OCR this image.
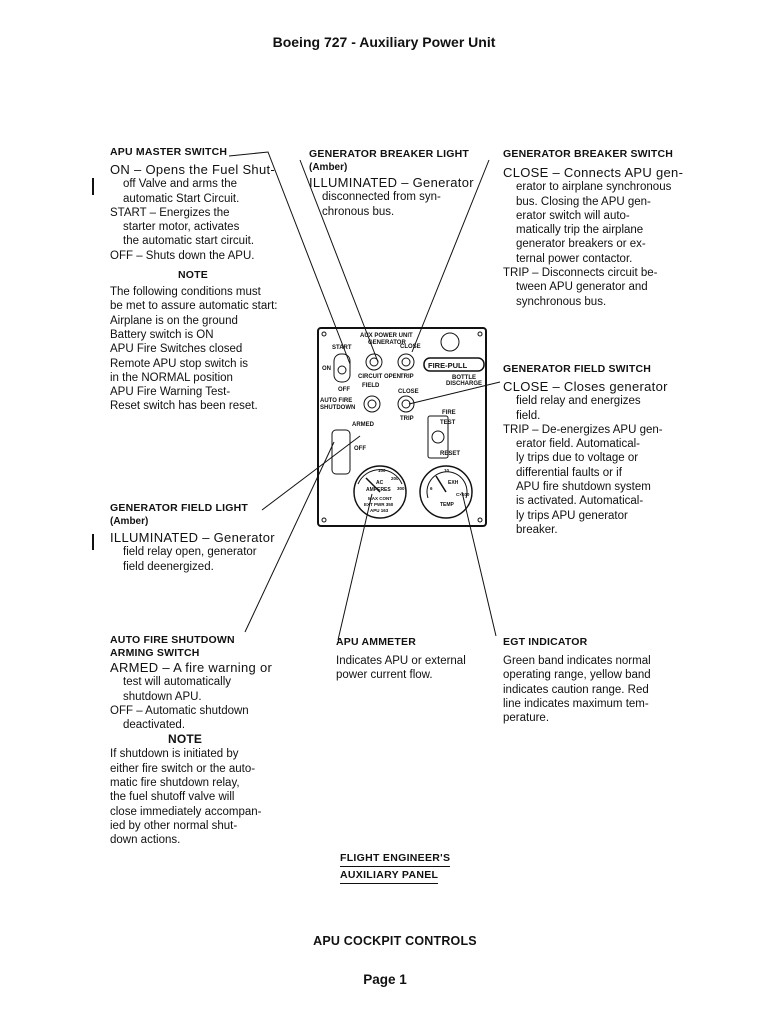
Boeing 727 - Auxiliary Power Unit
APU MASTER SWITCH
ON – Opens the Fuel Shut-
off Valve and arms the
automatic Start Circuit.
START – Energizes the
starter motor, activates
the automatic start circuit.
OFF – Shuts down the APU.
NOTE
The following conditions must
be met to assure automatic start:
Airplane is on the ground
Battery switch is ON
APU Fire Switches closed
Remote APU stop switch is
in the NORMAL position
APU Fire Warning Test-
Reset switch has been reset.
GENERATOR BREAKER LIGHT
(Amber)
ILLUMINATED – Generator
disconnected from syn-
chronous bus.
GENERATOR BREAKER SWITCH
CLOSE – Connects APU gen-
erator to airplane synchronous
bus. Closing the APU gen-
erator switch will auto-
matically trip the airplane
generator breakers or ex-
ternal power contactor.
TRIP – Disconnects circuit be-
tween APU generator and
synchronous bus.
GENERATOR FIELD SWITCH
CLOSE – Closes generator
field relay and energizes
field.
TRIP – De-energizes APU gen-
erator field. Automatical-
ly trips due to voltage or
differential faults or if
APU fire shutdown system
is activated. Automatical-
ly trips APU generator
breaker.
GENERATOR FIELD LIGHT
(Amber)
ILLUMINATED – Generator
field relay open, generator
field deenergized.
AUTO FIRE SHUTDOWN
ARMING SWITCH
ARMED – A fire warning or
test will automatically
shutdown APU.
OFF – Automatic shutdown
deactivated.
NOTE
If shutdown is initiated by
either fire switch or the auto-
matic fire shutdown relay,
the fuel shutoff valve will
close immediately accompan-
ied by other normal shut-
down actions.
APU AMMETER
Indicates APU or external
power current flow.
EGT INDICATOR
Green band indicates normal
operating range, yellow band
indicates caution range. Red
line indicates maximum tem-
perature.
FLIGHT ENGINEER'S
AUXILIARY PANEL
AUX POWER UNIT
GENERATOR
FIRE-PULL
BOTTLE
DISCHARGE
START
ON
OFF
CLOSE
CIRCUIT OPEN
TRIP
FIELD
CLOSE
TRIP
AUTO FIRE
SHUTDOWN
ARMED
OFF
FIRE
TEST
RESET
AC
AMPERES
MAX CONT
EXT PWR 350
APU 163
100
200
300
EXH
TEMP
10
6
C×100
APU COCKPIT CONTROLS
Page 1
